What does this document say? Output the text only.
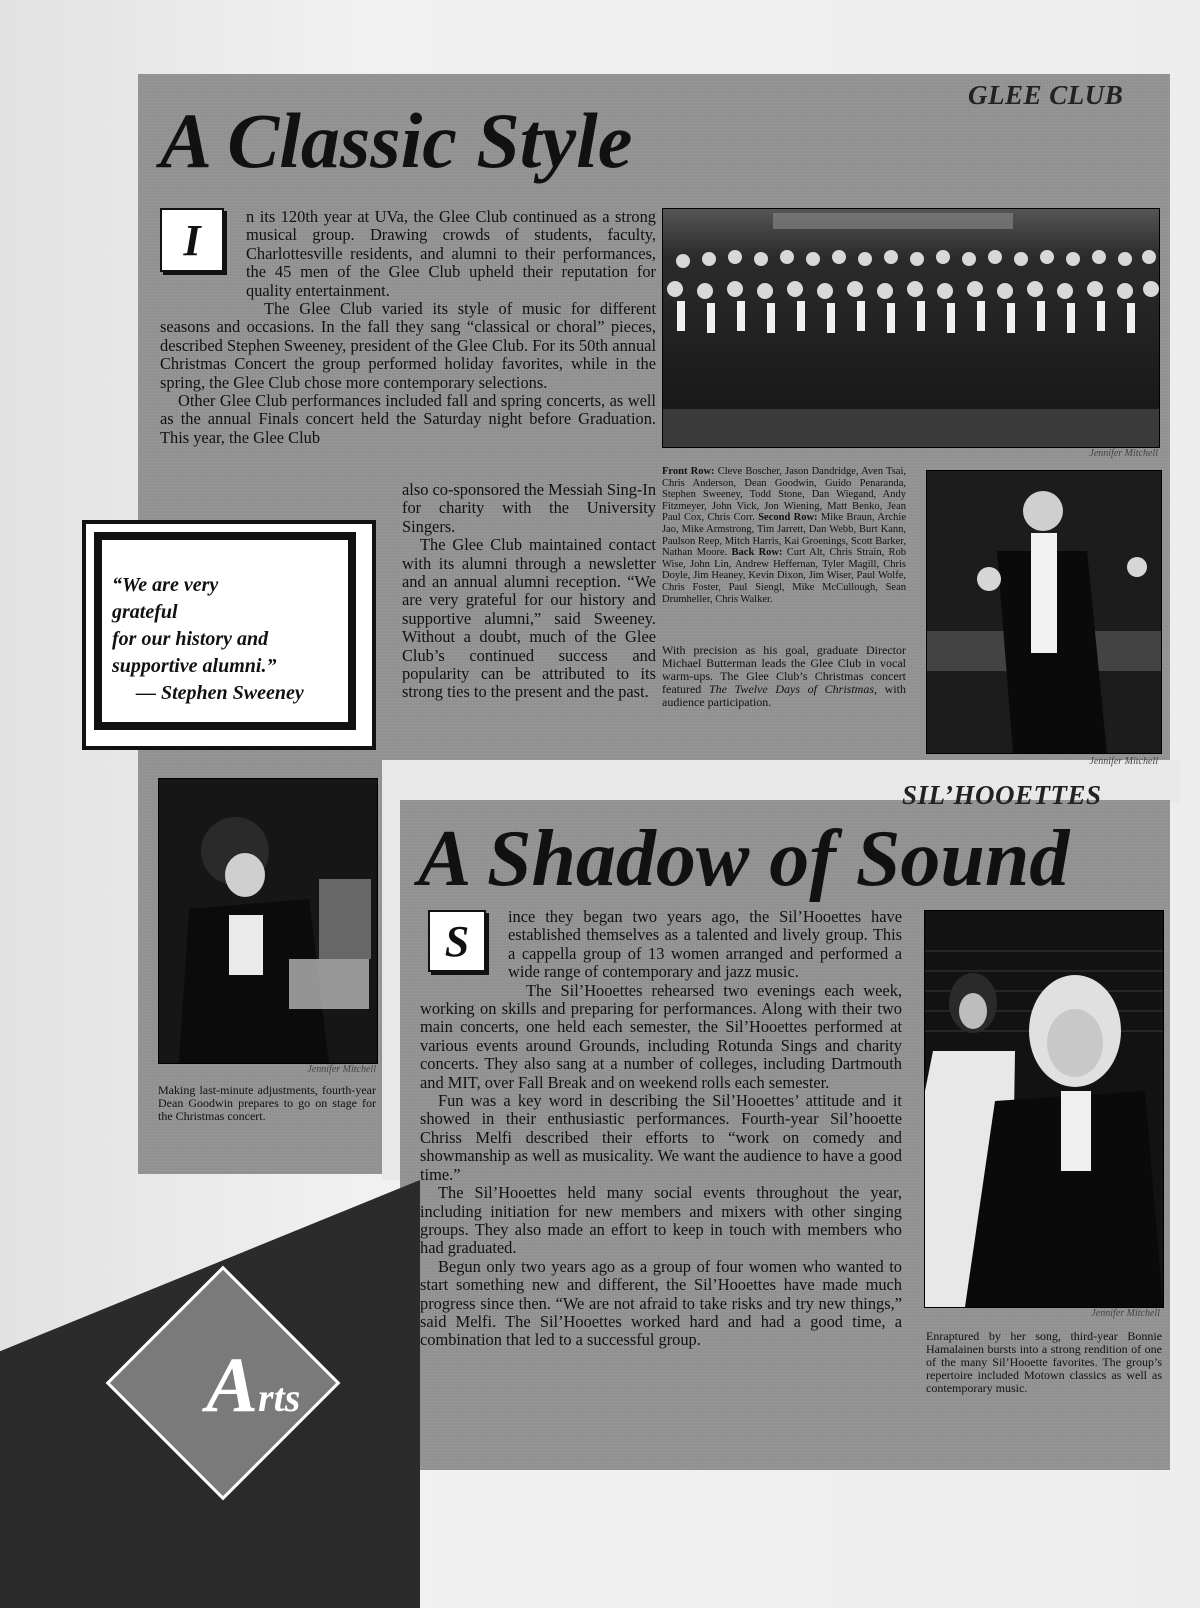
GLEE CLUB
A Classic Style
I	n its 120th year at UVa, the Glee Club continued as a strong musical group. Drawing crowds of students, faculty, Charlottesville residents, and alumni to their performances, the 45 men of the Glee Club upheld their reputation for quality entertainment.

The Glee Club varied its style of music for different seasons and occasions. In the fall they sang “classical or choral” pieces, described Stephen Sweeney, president of the Glee Club. For its 50th annual Christmas Concert the group performed holiday favorites, while in the spring, the Glee Club chose more contemporary selections.

Other Glee Club performances included fall and spring concerts, as well as the annual Finals concert held the Saturday night before Graduation. This year, the Glee Club

also co-sponsored the Messiah Sing-In for charity with the University Singers.

The Glee Club maintained contact with its alumni through a newsletter and an annual alumni reception. “We are very grateful for our history and supportive alumni,” said Sweeney. Without a doubt, much of the Glee Club’s continued success and popularity can be attributed to its strong ties to the present and the past.

“We are very
grateful
for our history and
supportive alumni.”
— Stephen Sweeney
Jennifer Mitchell
Front Row: Cleve Boscher, Jason Dandridge, Aven Tsai, Chris Anderson, Dean Goodwin, Guido Penaranda, Stephen Sweeney, Todd Stone, Dan Wiegand, Andy Fitzmeyer, John Vick, Jon Wiening, Matt Benko, Jean Paul Cox, Chris Corr. Second Row: Mike Braun, Archie Jao, Mike Armstrong, Tim Jarrett, Dan Webb, Burt Kann, Paulson Reep, Mitch Harris, Kai Groenings, Scott Barker, Nathan Moore. Back Row: Curt Alt, Chris Strain, Rob Wise, John Lin, Andrew Heffernan, Tyler Magill, Chris Doyle, Jim Heaney, Kevin Dixon, Jim Wiser, Paul Wolfe, Chris Foster, Paul Siengl, Mike McCullough, Sean Drumheller, Chris Walker.
Jennifer Mitchell
With precision as his goal, graduate Director Michael Butterman leads the Glee Club in vocal warm-ups. The Glee Club’s Christmas concert featured The Twelve Days of Christmas, with audience participation.
Jennifer Mitchell
Making last-minute adjustments, fourth-year Dean Goodwin prepares to go on stage for the Christmas concert.
SIL’HOOETTES
A Shadow of Sound
S	ince they began two years ago, the Sil’Hooettes have established themselves as a talented and lively group. This a cappella group of 13 women arranged and performed a wide range of contemporary and jazz music.

The Sil’Hooettes rehearsed two evenings each week, working on skills and preparing for performances. Along with their two main concerts, one held each semester, the Sil’Hooettes performed at various events around Grounds, including Rotunda Sings and charity concerts. They also sang at a number of colleges, including Dartmouth and MIT, over Fall Break and on weekend rolls each semester.

Fun was a key word in describing the Sil’Hooettes’ attitude and it showed in their enthusiastic performances. Fourth-year Sil’hooette Chriss Melfi described their efforts to “work on comedy and showmanship as well as musicality. We want the audience to have a good time.”

The Sil’Hooettes held many social events throughout the year, including initiation for new members and mixers with other singing groups. They also made an effort to keep in touch with members who had graduated.

Begun only two years ago as a group of four women who wanted to start something new and different, the Sil’Hooettes have made much progress since then. “We are not afraid to take risks and try new things,” said Melfi. The Sil’Hooettes worked hard and had a good time, a combination that led to a successful group.

Jennifer Mitchell
Enraptured by her song, third-year Bonnie Hamalainen bursts into a strong rendition of one of the many Sil’Hooette favorites. The group’s repertoire included Motown classics as well as contemporary music.
Arts
